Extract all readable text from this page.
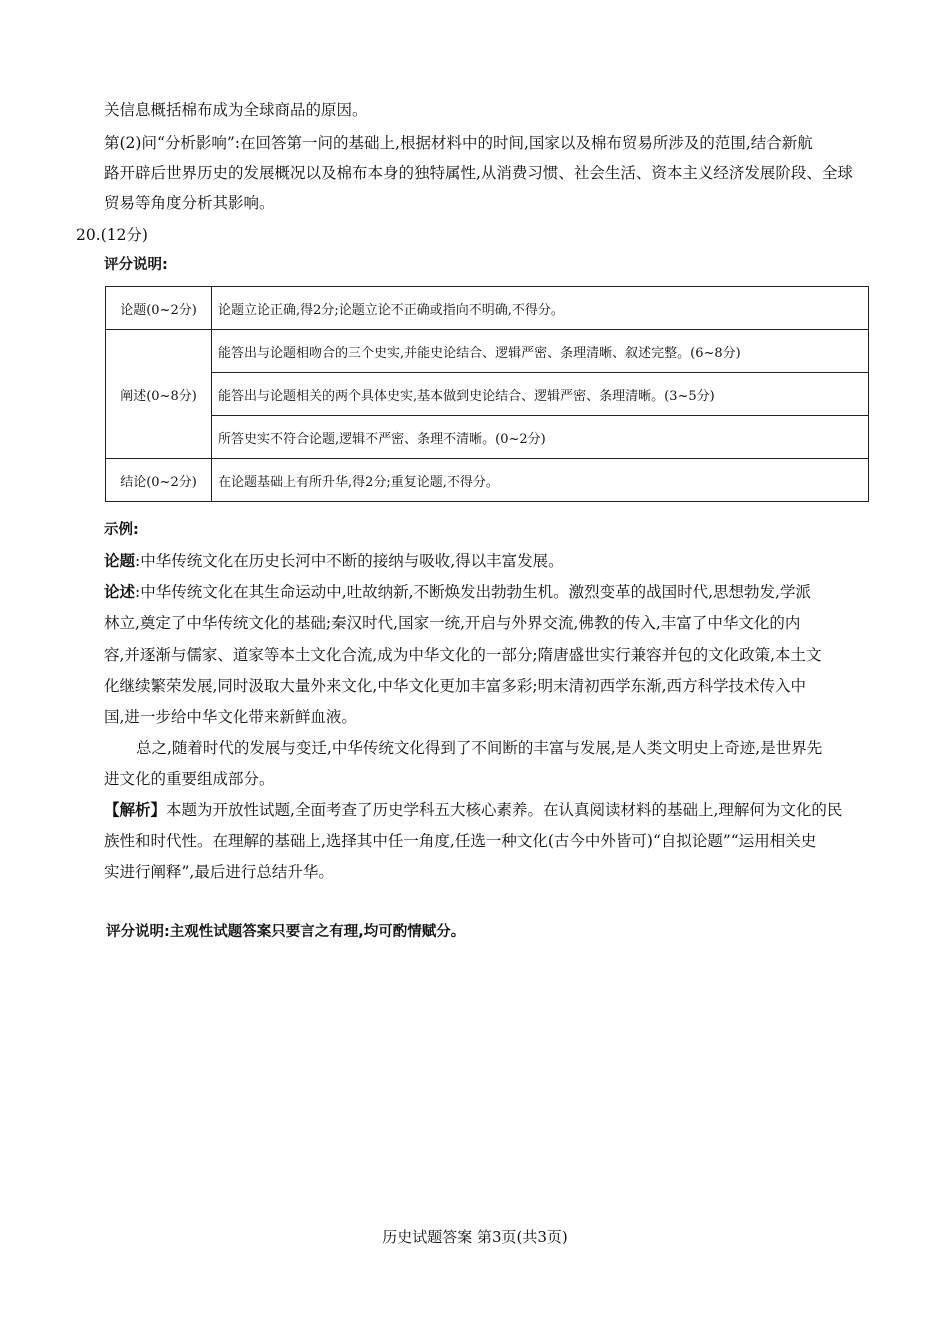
关信息概括棉布成为全球商品的原因。
第(2)问“分析影响”:在回答第一问的基础上,根据材料中的时间,国家以及棉布贸易所涉及的范围,结合新航
路开辟后世界历史的发展概况以及棉布本身的独特属性,从消费习惯、社会生活、资本主义经济发展阶段、全球
贸易等角度分析其影响。
20.(12分)
评分说明:
论题(0~2分)	论题立论正确,得2分;论题立论不正确或指向不明确,不得分。
阐述(0~8分)	能答出与论题相吻合的三个史实,并能史论结合、逻辑严密、条理清晰、叙述完整。(6~8分)
	能答出与论题相关的两个具体史实,基本做到史论结合、逻辑严密、条理清晰。(3~5分)
	所答史实不符合论题,逻辑不严密、条理不清晰。(0~2分)
结论(0~2分)	在论题基础上有所升华,得2分;重复论题,不得分。
示例:
论题:中华传统文化在历史长河中不断的接纳与吸收,得以丰富发展。
论述:中华传统文化在其生命运动中,吐故纳新,不断焕发出勃勃生机。激烈变革的战国时代,思想勃发,学派
林立,奠定了中华传统文化的基础;秦汉时代,国家一统,开启与外界交流,佛教的传入,丰富了中华文化的内
容,并逐渐与儒家、道家等本土文化合流,成为中华文化的一部分;隋唐盛世实行兼容并包的文化政策,本土文
化继续繁荣发展,同时汲取大量外来文化,中华文化更加丰富多彩;明末清初西学东渐,西方科学技术传入中
国,进一步给中华文化带来新鲜血液。
总之,随着时代的发展与变迁,中华传统文化得到了不间断的丰富与发展,是人类文明史上奇迹,是世界先
进文化的重要组成部分。
【解析】本题为开放性试题,全面考查了历史学科五大核心素养。在认真阅读材料的基础上,理解何为文化的民
族性和时代性。在理解的基础上,选择其中任一角度,任选一种文化(古今中外皆可)“自拟论题”“运用相关史
实进行阐释”,最后进行总结升华。
评分说明:主观性试题答案只要言之有理,均可酌情赋分。
历史试题答案 第3页(共3页)
